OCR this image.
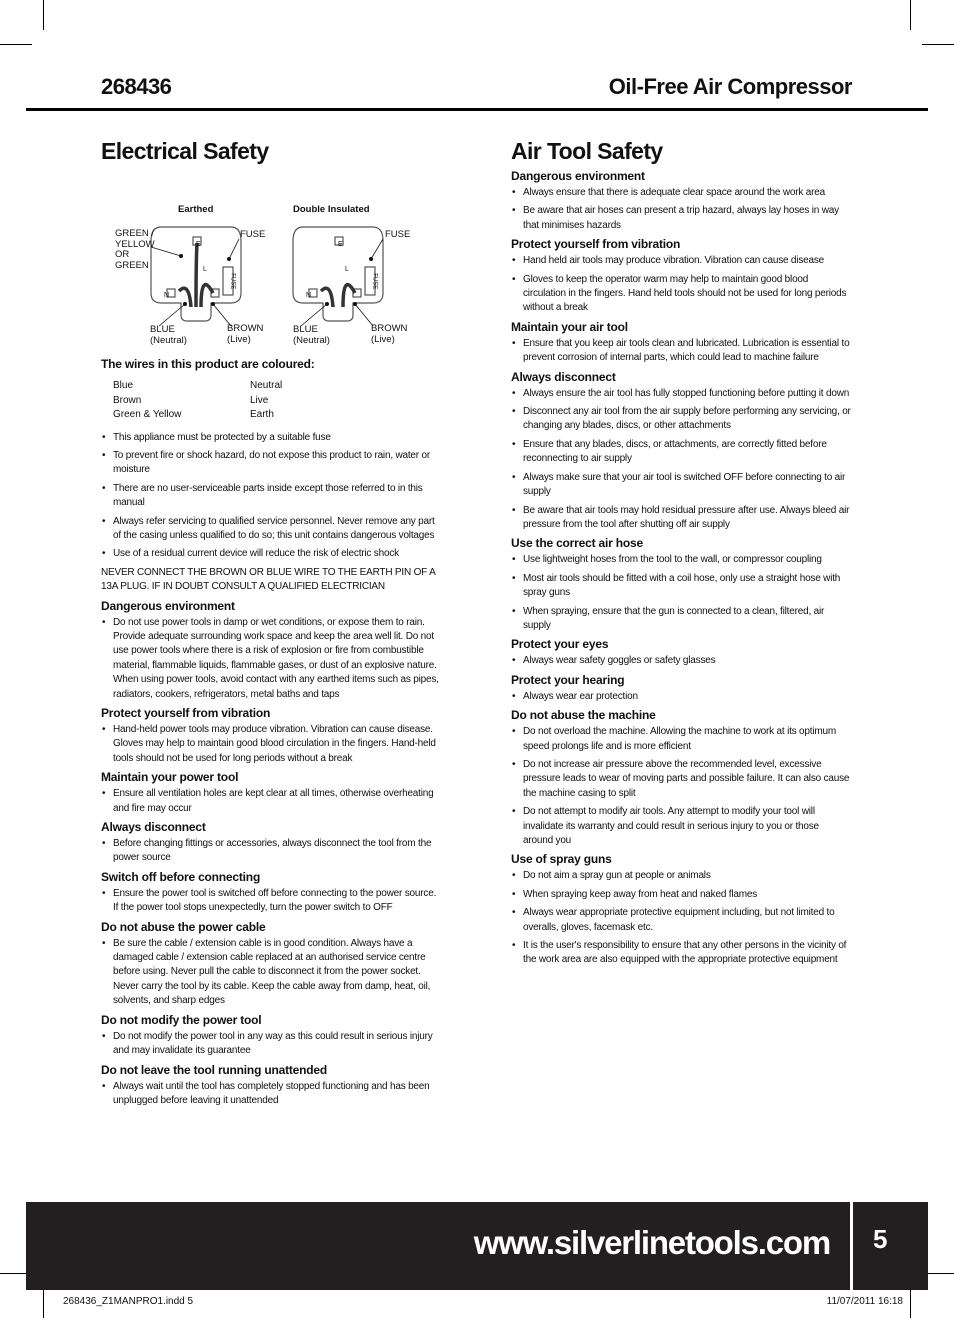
268436	Oil-Free Air Compressor
Electrical Safety
Earthed	Double Insulated
E
L
N
E
L
N
FUSE	FUSE
GREEN /
YELLOW
OR
GREEN
FUSE	FUSE
BLUE
(Neutral)
BROWN
(Live)
BLUE
(Neutral)
BROWN
(Live)
The wires in this product are coloured:
Blue	Neutral
Brown	Live
Green & Yellow	Earth
• This appliance must be protected by a suitable fuse
• To prevent fire or shock hazard, do not expose this product to rain, water or moisture
• There are no user-serviceable parts inside except those referred to in this manual
• Always refer servicing to qualified service personnel. Never remove any part of the casing unless qualified to do so; this unit contains dangerous voltages
• Use of a residual current device will reduce the risk of electric shock
NEVER CONNECT THE BROWN OR BLUE WIRE TO THE EARTH PIN OF A 13A PLUG. IF IN DOUBT CONSULT A QUALIFIED ELECTRICIAN
Dangerous environment
• Do not use power tools in damp or wet conditions, or expose them to rain. Provide adequate surrounding work space and keep the area well lit. Do not use power tools where there is a risk of explosion or fire from combustible material, flammable liquids, flammable gases, or dust of an explosive nature. When using power tools, avoid contact with any earthed items such as pipes, radiators, cookers, refrigerators, metal baths and taps
Protect yourself from vibration
• Hand-held power tools may produce vibration. Vibration can cause disease. Gloves may help to maintain good blood circulation in the fingers. Hand-held tools should not be used for long periods without a break
Maintain your power tool
• Ensure all ventilation holes are kept clear at all times, otherwise overheating and fire may occur
Always disconnect
• Before changing fittings or accessories, always disconnect the tool from the power source
Switch off before connecting
• Ensure the power tool is switched off before connecting to the power source. If the power tool stops unexpectedly, turn the power switch to OFF
Do not abuse the power cable
• Be sure the cable / extension cable is in good condition. Always have a damaged cable / extension cable replaced at an authorised service centre before using. Never pull the cable to disconnect it from the power socket. Never carry the tool by its cable. Keep the cable away from damp, heat, oil, solvents, and sharp edges
Do not modify the power tool
• Do not modify the power tool in any way as this could result in serious injury and may invalidate its guarantee
Do not leave the tool running unattended
• Always wait until the tool has completely stopped functioning and has been unplugged before leaving it unattended
Air Tool Safety
Dangerous environment
• Always ensure that there is adequate clear space around the work area
• Be aware that air hoses can present a trip hazard, always lay hoses in way that minimises hazards
Protect yourself from vibration
• Hand held air tools may produce vibration. Vibration can cause disease
• Gloves to keep the operator warm may help to maintain good blood circulation in the fingers. Hand held tools should not be used for long periods without a break
Maintain your air tool
• Ensure that you keep air tools clean and lubricated. Lubrication is essential to prevent corrosion of internal parts, which could lead to machine failure
Always disconnect
• Always ensure the air tool has fully stopped functioning before putting it down
• Disconnect any air tool from the air supply before performing any servicing, or changing any blades, discs, or other attachments
• Ensure that any blades, discs, or attachments, are correctly fitted before reconnecting to air supply
• Always make sure that your air tool is switched OFF before connecting to air supply
• Be aware that air tools may hold residual pressure after use. Always bleed air pressure from the tool after shutting off air supply
Use the correct air hose
• Use lightweight hoses from the tool to the wall, or compressor coupling
• Most air tools should be fitted with a coil hose, only use a straight hose with spray guns
• When spraying, ensure that the gun is connected to a clean, filtered, air supply
Protect your eyes
• Always wear safety goggles or safety glasses
Protect your hearing
• Always wear ear protection
Do not abuse the machine
• Do not overload the machine. Allowing the machine to work at its optimum speed prolongs life and is more efficient
• Do not increase air pressure above the recommended level, excessive pressure leads to wear of moving parts and possible failure. It can also cause the machine casing to split
• Do not attempt to modify air tools. Any attempt to modify your tool will invalidate its warranty and could result in serious injury to you or those around you
Use of spray guns
• Do not aim a spray gun at people or animals
• When spraying keep away from heat and naked flames
• Always wear appropriate protective equipment including, but not limited to overalls, gloves, facemask etc.
• It is the user's responsibility to ensure that any other persons in the vicinity of the work area are also equipped with the appropriate protective equipment
www.silverlinetools.com 5
268436_Z1MANPRO1.indd 5	11/07/2011 16:18
